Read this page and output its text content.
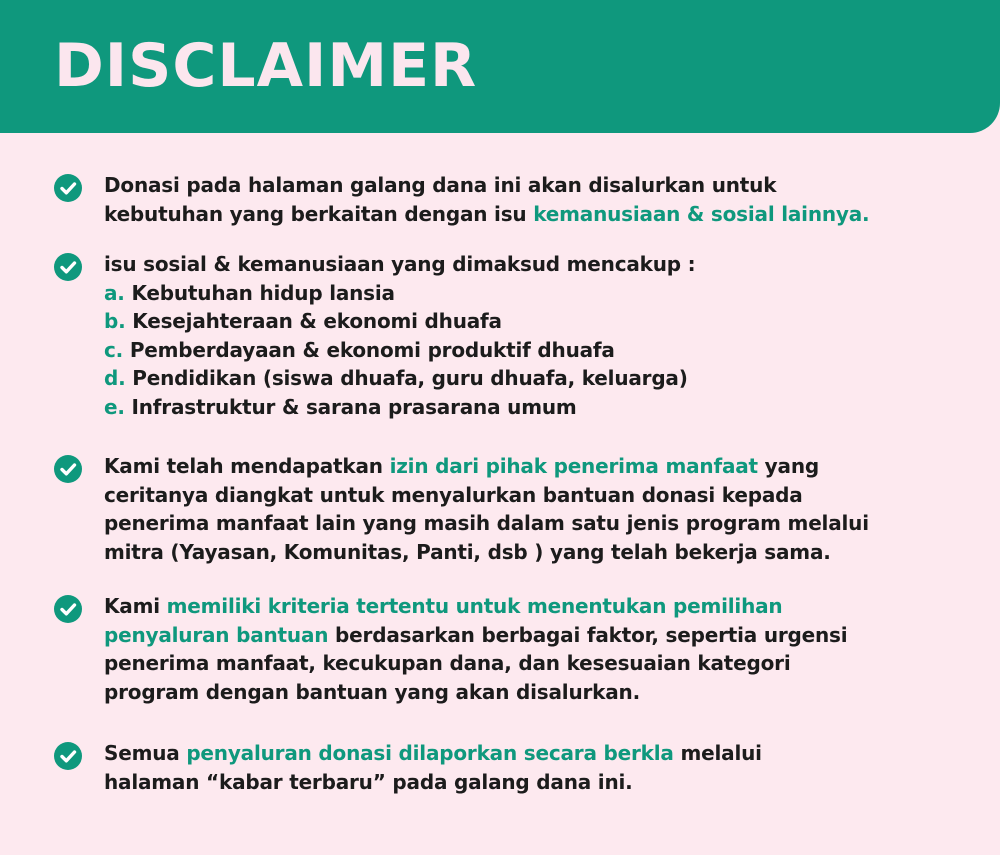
DISCLAIMER
Donasi pada halaman galang dana ini akan disalurkan untuk
kebutuhan yang berkaitan dengan isu kemanusiaan & sosial lainnya.
isu sosial & kemanusiaan yang dimaksud mencakup :
a. Kebutuhan hidup lansia
b. Kesejahteraan & ekonomi dhuafa
c. Pemberdayaan & ekonomi produktif dhuafa
d. Pendidikan (siswa dhuafa, guru dhuafa, keluarga)
e. Infrastruktur & sarana prasarana umum
Kami telah mendapatkan izin dari pihak penerima manfaat yang
ceritanya diangkat untuk menyalurkan bantuan donasi kepada
penerima manfaat lain yang masih dalam satu jenis program melalui
mitra (Yayasan, Komunitas, Panti, dsb ) yang telah bekerja sama.
Kami memiliki kriteria tertentu untuk menentukan pemilihan
penyaluran bantuan berdasarkan berbagai faktor, sepertia urgensi
penerima manfaat, kecukupan dana, dan kesesuaian kategori
program dengan bantuan yang akan disalurkan.
Semua penyaluran donasi dilaporkan secara berkla melalui
halaman “kabar terbaru” pada galang dana ini.
